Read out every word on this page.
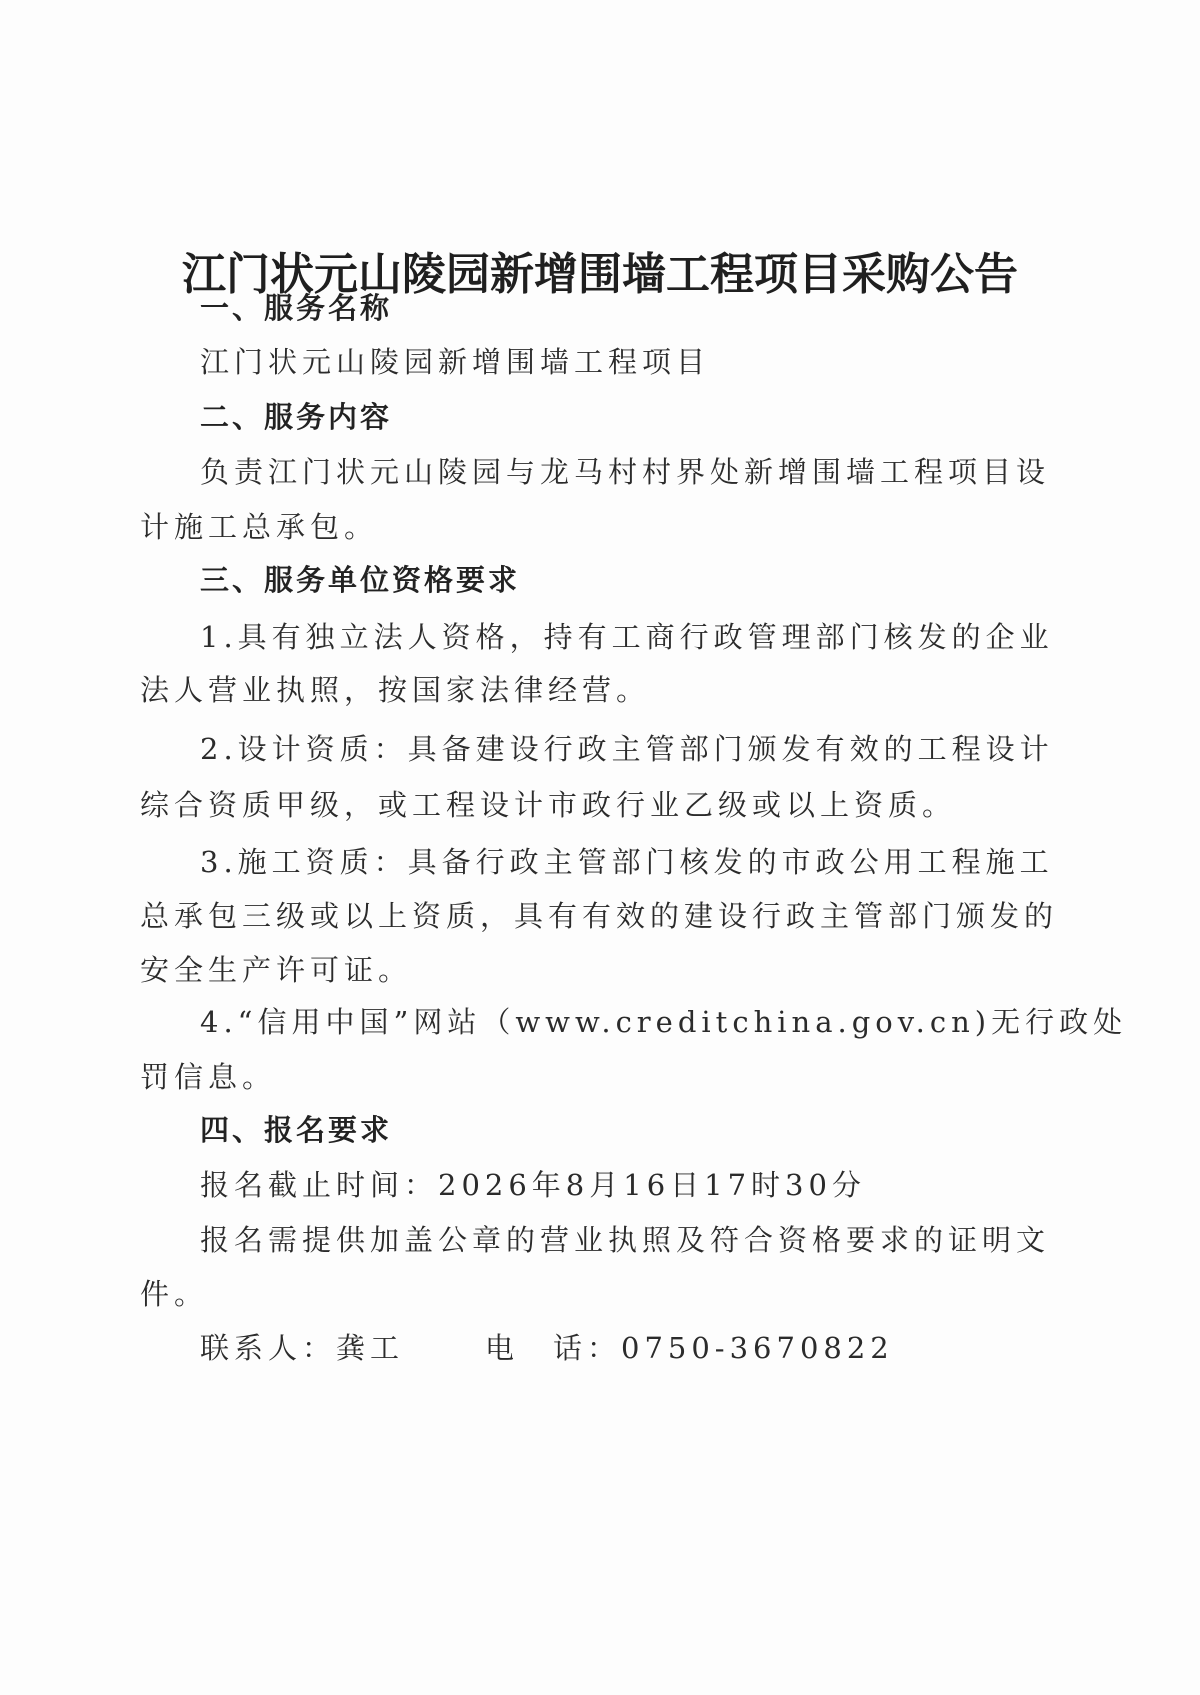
江门状元山陵园新增围墙工程项目采购公告
一、服务名称
江门状元山陵园新增围墙工程项目
二、服务内容
负责江门状元山陵园与龙马村村界处新增围墙工程项目设
计施工总承包。
三、服务单位资格要求
1.具有独立法人资格，持有工商行政管理部门核发的企业
法人营业执照，按国家法律经营。
2.设计资质：具备建设行政主管部门颁发有效的工程设计
综合资质甲级，或工程设计市政行业乙级或以上资质。
3.施工资质：具备行政主管部门核发的市政公用工程施工
总承包三级或以上资质，具有有效的建设行政主管部门颁发的
安全生产许可证。
4.“信用中国”网站（www.creditchina.gov.cn)无行政处
罚信息。
四、报名要求
报名截止时间：2026年8月16日17时30分
报名需提供加盖公章的营业执照及符合资格要求的证明文
件。
联系人：龚工	电　话：0750-3670822
